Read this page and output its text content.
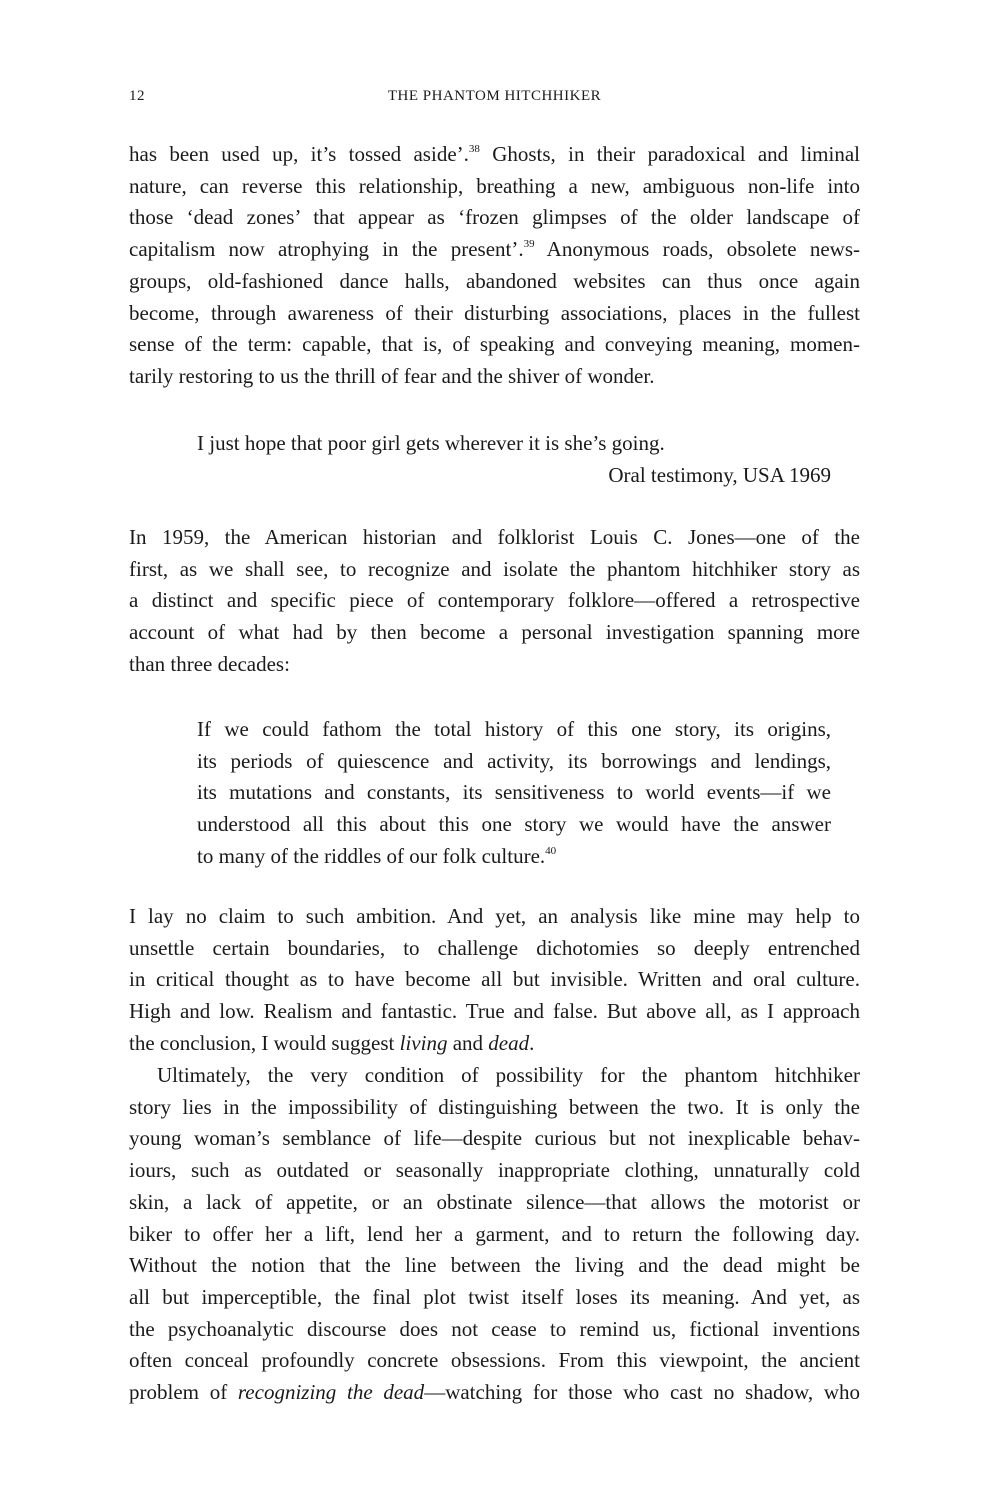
12	THE PHANTOM HITCHHIKER
has been used up, it’s tossed aside’.$^{38}$ Ghosts, in their paradoxical and liminal
nature, can reverse this relationship, breathing a new, ambiguous non-life into
those ‘dead zones’ that appear as ‘frozen glimpses of the older landscape of
capitalism now atrophying in the present’.$^{39}$ Anonymous roads, obsolete news-
groups, old-fashioned dance halls, abandoned websites can thus once again
become, through awareness of their disturbing associations, places in the fullest
sense of the term: capable, that is, of speaking and conveying meaning, momen-
tarily restoring to us the thrill of fear and the shiver of wonder.
I just hope that poor girl gets wherever it is she’s going.
Oral testimony, USA 1969
In 1959, the American historian and folklorist Louis C. Jones—one of the
first, as we shall see, to recognize and isolate the phantom hitchhiker story as
a distinct and specific piece of contemporary folklore—offered a retrospective
account of what had by then become a personal investigation spanning more
than three decades:
If we could fathom the total history of this one story, its origins,
its periods of quiescence and activity, its borrowings and lendings,
its mutations and constants, its sensitiveness to world events—if we
understood all this about this one story we would have the answer
to many of the riddles of our folk culture.$^{40}$
I lay no claim to such ambition. And yet, an analysis like mine may help to
unsettle certain boundaries, to challenge dichotomies so deeply entrenched
in critical thought as to have become all but invisible. Written and oral culture.
High and low. Realism and fantastic. True and false. But above all, as I approach
the conclusion, I would suggest living and dead.
Ultimately, the very condition of possibility for the phantom hitchhiker
story lies in the impossibility of distinguishing between the two. It is only the
young woman’s semblance of life—despite curious but not inexplicable behav-
iours, such as outdated or seasonally inappropriate clothing, unnaturally cold
skin, a lack of appetite, or an obstinate silence—that allows the motorist or
biker to offer her a lift, lend her a garment, and to return the following day.
Without the notion that the line between the living and the dead might be
all but imperceptible, the final plot twist itself loses its meaning. And yet, as
the psychoanalytic discourse does not cease to remind us, fictional inventions
often conceal profoundly concrete obsessions. From this viewpoint, the ancient
problem of recognizing the dead—watching for those who cast no shadow, who
